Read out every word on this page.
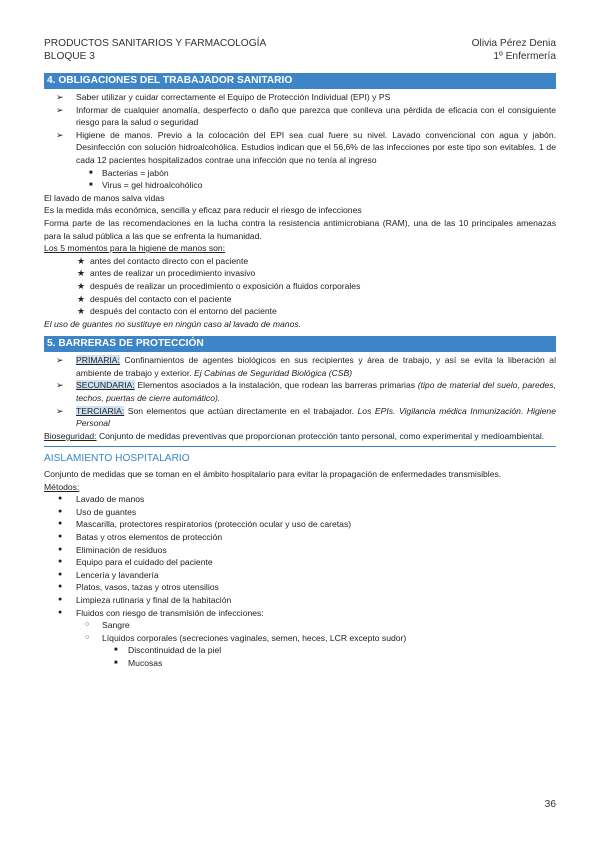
PRODUCTOS SANITARIOS Y FARMACOLOGÍA
BLOQUE 3
Olivia Pérez Denia
1º Enfermería
4. OBLIGACIONES DEL TRABAJADOR SANITARIO
➢ Saber utilizar y cuidar correctamente el Equipo de Protección Individual (EPI) y PS
➢ Informar de cualquier anomalía, desperfecto o daño que parezca que conlleva una pérdida de eficacia con el consiguiente riesgo para la salud o seguridad
➢ Higiene de manos. Previo a la colocación del EPI sea cual fuere su nivel. Lavado convencional con agua y jabón. Desinfección con solución hidroalcohólica. Estudios indican que el 56,6% de las infecciones por este tipo son evitables. 1 de cada 12 pacientes hospitalizados contrae una infección que no tenía al ingreso
■ Bacterias = jabón
■ Virus = gel hidroalcohólico
El lavado de manos salva vidas
Es la medida más económica, sencilla y eficaz para reducir el riesgo de infecciones
Forma parte de las recomendaciones en la lucha contra la resistencia antimicrobiana (RAM), una de las 10 principales amenazas para la salud pública a las que se enfrenta la humanidad.
Los 5 momentos para la higiene de manos son:
★ antes del contacto directo con el paciente
★ antes de realizar un procedimiento invasivo
★ después de realizar un procedimiento o exposición a fluidos corporales
★ después del contacto con el paciente
★ después del contacto con el entorno del paciente
El uso de guantes no sustituye en ningún caso al lavado de manos.
5. BARRERAS DE PROTECCIÓN
➢ PRIMARIA: Confinamientos de agentes biológicos en sus recipientes y área de trabajo, y así se evita la liberación al ambiente de trabajo y exterior. Ej Cabinas de Seguridad Biológica (CSB)
➢ SECUNDARIA: Elementos asociados a la instalación, que rodean las barreras primarias (tipo de material del suelo, paredes, techos, puertas de cierre automático).
➢ TERCIARIA: Son elementos que actúan directamente en el trabajador. Los EPIs. Vigilancia médica Inmunización. Higiene Personal
Bioseguridad: Conjunto de medidas preventivas que proporcionan protección tanto personal, como experimental y medioambiental.
AISLAMIENTO HOSPITALARIO
Conjunto de medidas que se toman en el ámbito hospitalario para evitar la propagación de enfermedades transmisibles.
Métodos:
● Lavado de manos
● Uso de guantes
● Mascarilla, protectores respiratorios (protección ocular y uso de caretas)
● Batas y otros elementos de protección
● Eliminación de residuos
● Equipo para el cuidado del paciente
● Lencería y lavandería
● Platos, vasos, tazas y otros utensilios
● Limpieza rutinaria y final de la habitación
● Fluidos con riesgo de transmisión de infecciones:
○ Sangre
○ Líquidos corporales (secreciones vaginales, semen, heces, LCR excepto sudor)
■ Discontinuidad de la piel
■ Mucosas
36
